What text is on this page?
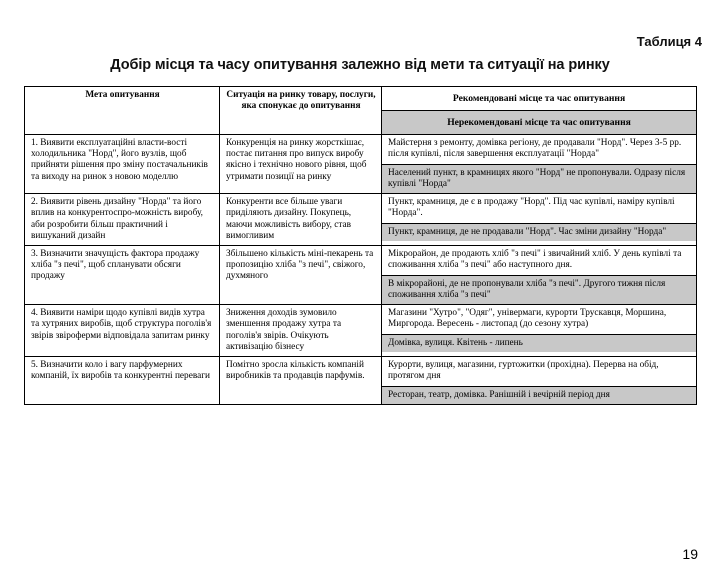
Таблиця 4
Добір місця та часу опитування залежно від мети та ситуації на ринку
Мета опитування	Ситуація на ринку товару, послуги, яка спонукає до опитування	
Рекомендовані місце та час опитування
Нерекомендовані місце та час опитування

1. Виявити експлуатаційні власти-вості холодильника "Норд", його вузлів, щоб прийняти рішення про зміну постачальників та виходу на ринок з новою моделлю	Конкуренція на ринку жорсткішає, постає питання про випуск виробу якісно і технічно нового рівня, щоб утримати позиції на ринку	
Майстерня з ремонту, домівка регіону, де продавали "Норд". Через 3-5 рр. після купівлі, після завершення експлуатації "Норда"
Населений пункт, в крамницях якого "Норд" не пропонували. Одразу після купівлі "Норда"

2. Виявити рівень дизайну "Норда" та його вплив на конкурентоспро-можність виробу, аби розробити більш практичний і вишуканий дизайн	Конкуренти все більше уваги приділяють дизайну. Покупець, маючи можливість вибору, став вимогливим	
Пункт, крамниця, де є в продажу "Норд". Під час купівлі, наміру купівлі "Норда".
Пункт, крамниця, де не продавали "Норд". Час зміни дизайну "Норда"

3. Визначити значущість фактора продажу хліба "з печі", щоб спланувати обсяги продажу	Збільшено кількість міні-пекарень та пропозицію хліба "з печі", свіжого, духмяного	
Мікрорайон, де продають хліб "з печі" і звичайний хліб. У день купівлі та споживання хліба "з печі" або наступного дня.
В мікрорайоні, де не пропонували хліба "з печі". Другого тижня після споживання хліба "з печі"

4. Виявити наміри щодо купівлі видів хутра та хутряних виробів, щоб структура поголів'я звірів звіроферми відповідала запитам ринку	Зниження доходів зумовило зменшення продажу хутра та поголів'я звірів. Очікують активізацію бізнесу	
Магазини "Хутро", "Одяг", універмаги, курорти Трускавця, Моршина, Миргорода. Вересень - листопад (до сезону хутра)
Домівка, вулиця. Квітень - липень

5. Визначити коло і вагу парфумерних компаній, їх виробів та конкурентні переваги	Помітно зросла кількість компаній виробників та продавців парфумів.	
Курорти, вулиця, магазини, гуртожитки (прохідна). Перерва на обід, протягом дня
Ресторан, театр, домівка. Ранішній і вечірній період дня
19
